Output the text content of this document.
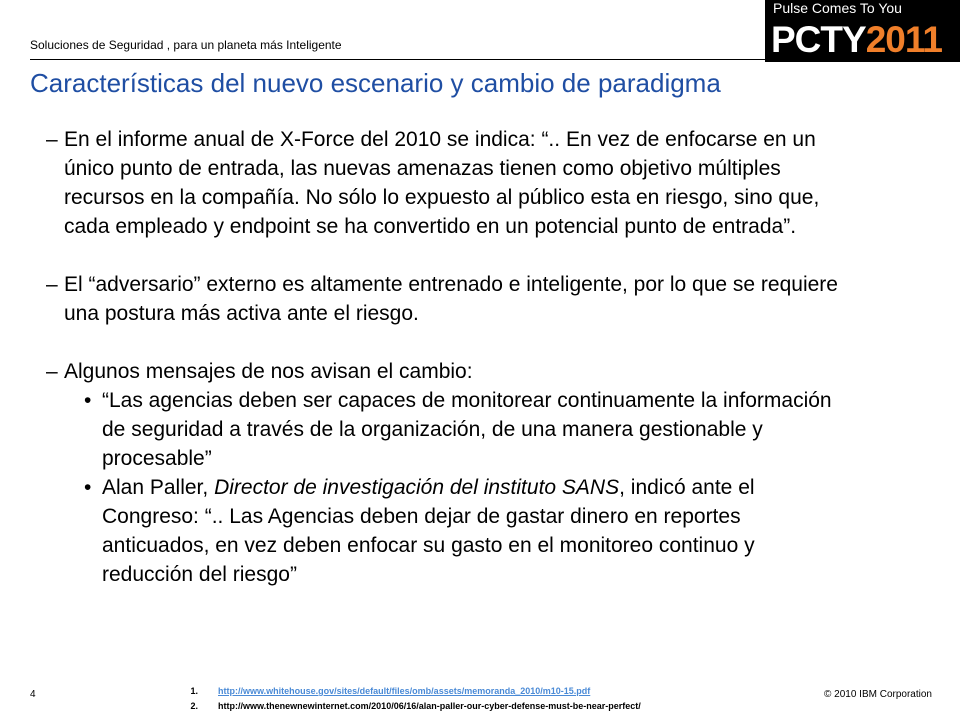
Soluciones de Seguridad , para un planeta más Inteligente
Pulse Comes To You
PCTY2011
Características del nuevo escenario y cambio de paradigma
– En el informe anual de X-Force del 2010 se indica: “.. En vez de enfocarse en un
único punto de entrada, las nuevas amenazas tienen como objetivo múltiples
recursos en la compañía. No sólo lo expuesto al público esta en riesgo, sino que,
cada empleado y endpoint se ha convertido en un potencial punto de entrada”.
– El “adversario” externo es altamente entrenado e inteligente, por lo que se requiere
una postura más activa ante el riesgo.
– Algunos mensajes de nos avisan el cambio:
• “Las agencias deben ser capaces de monitorear continuamente la información
de seguridad a través de la organización, de una manera gestionable y
procesable”
• Alan Paller, Director de investigación del instituto SANS, indicó ante el
Congreso: “.. Las Agencias deben dejar de gastar dinero en reportes
anticuados, en vez deben enfocar su gasto en el monitoreo continuo y
reducción del riesgo”
4	1. http://www.whitehouse.gov/sites/default/files/omb/assets/memoranda_2010/m10-15.pdf
2. http://www.thenewnewinternet.com/2010/06/16/alan-paller-our-cyber-defense-must-be-near-perfect/
© 2010 IBM Corporation
